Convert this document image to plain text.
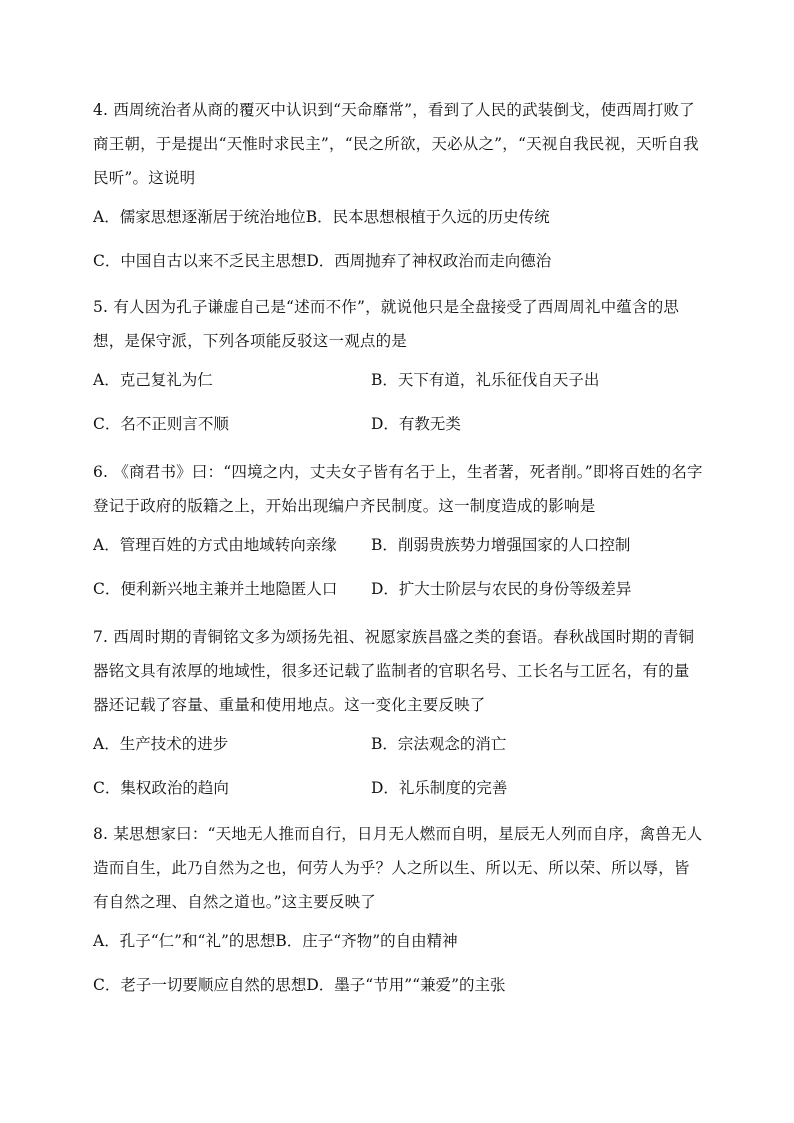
4. 西周统治者从商的覆灭中认识到“天命靡常”，看到了人民的武装倒戈，使西周打败了商王朝，于是提出“天惟时求民主”，“民之所欲，天必从之”，“天视自我民视，天听自我民听”。这说明

A．儒家思想逐渐居于统治地位 B．民本思想根植于久远的历史传统
C．中国自古以来不乏民主思想 D．西周抛弃了神权政治而走向德治

5. 有人因为孔子谦虚自己是“述而不作”，就说他只是全盘接受了西周周礼中蕴含的思想，是保守派，下列各项能反驳这一观点的是

A．克己复礼为仁	B．天下有道，礼乐征伐自天子出
C．名不正则言不顺	D．有教无类

6. 《商君书》曰：“四境之内，丈夫女子皆有名于上，生者著，死者削。”即将百姓的名字登记于政府的版籍之上，开始出现编户齐民制度。这一制度造成的影响是

A．管理百姓的方式由地域转向亲缘	B．削弱贵族势力增强国家的人口控制
C．便利新兴地主兼并土地隐匿人口	D．扩大士阶层与农民的身份等级差异

7. 西周时期的青铜铭文多为颂扬先祖、祝愿家族昌盛之类的套语。春秋战国时期的青铜器铭文具有浓厚的地域性，很多还记载了监制者的官职名号、工长名与工匠名，有的量器还记载了容量、重量和使用地点。这一变化主要反映了

A．生产技术的进步	B．宗法观念的消亡
C．集权政治的趋向	D．礼乐制度的完善

8. 某思想家曰：“天地无人推而自行，日月无人燃而自明，星辰无人列而自序，禽兽无人造而自生，此乃自然为之也，何劳人为乎？人之所以生、所以无、所以荣、所以辱，皆有自然之理、自然之道也。”这主要反映了

A．孔子“仁”和“礼”的思想 B．庄子“齐物”的自由精神
C．老子一切要顺应自然的思想 D．墨子“节用”“兼爱”的主张
